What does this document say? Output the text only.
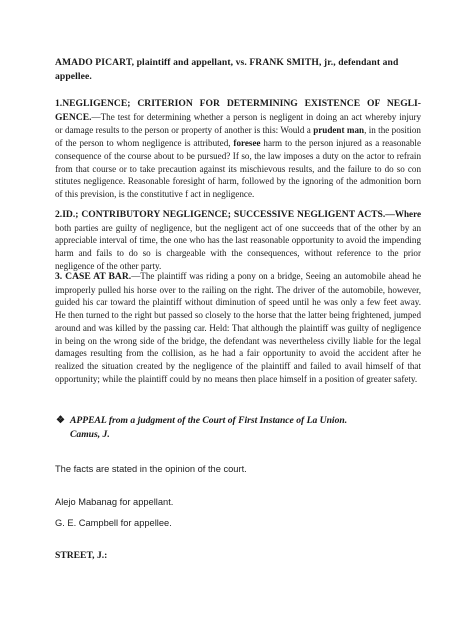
AMADO PICART, plaintiff and appellant, vs. FRANK SMITH, jr., defendant and
appellee.
1.NEGLIGENCE; CRITERION FOR DETERMINING EXISTENCE OF NEGLI-GENCE.—The test for determining whether a person is negligent in doing an act whereby injury or damage results to the person or property of another is this: Would a prudent man, in the position of the person to whom negligence is attributed, foresee harm to the person injured as a reasonable consequence of the course about to be pursued? If so, the law imposes a duty on the actor to refrain from that course or to take precaution against its mischievous results, and the failure to do so con stitutes negligence. Reasonable foresight of harm, followed by the ignoring of the admonition born of this prevision, is the constitutive f act in negligence.
2.ID.; CONTRIBUTORY NEGLIGENCE; SUCCESSIVE NEGLIGENT ACTS.—Where both parties are guilty of negligence, but the negligent act of one succeeds that of the other by an appreciable interval of time, the one who has the last reasonable opportunity to avoid the impending harm and fails to do so is chargeable with the consequences, without reference to the prior negligence of the other party.
3. CASE AT BAR.—The plaintiff was riding a pony on a bridge, Seeing an automobile ahead he improperly pulled his horse over to the railing on the right. The driver of the automobile, however, guided his car toward the plaintiff without diminution of speed until he was only a few feet away. He then turned to the right but passed so closely to the horse that the latter being frightened, jumped around and was killed by the passing car. Held: That although the plaintiff was guilty of negligence in being on the wrong side of the bridge, the defendant was nevertheless civilly liable for the legal damages resulting from the collision, as he had a fair opportunity to avoid the accident after he realized the situation created by the negligence of the plaintiff and failed to avail himself of that opportunity; while the plaintiff could by no means then place himself in a position of greater safety.
❖ APPEAL from a judgment of the Court of First Instance of La Union.
Camus, J.
The facts are stated in the opinion of the court.
Alejo Mabanag for appellant.
G. E. Campbell for appellee.
STREET, J.:
